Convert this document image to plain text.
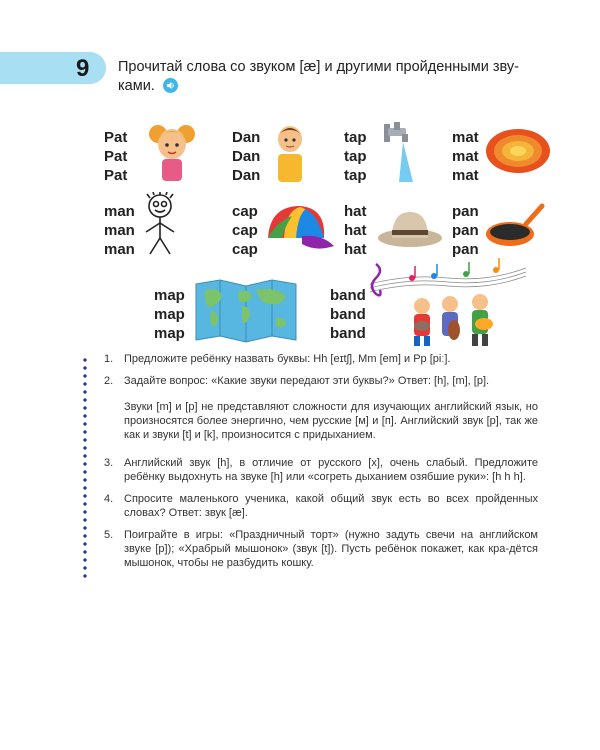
9 Прочитай слова со звуком [æ] и другими пройденными зву-
ками.
Pat
Pat
Pat
Dan
Dan
Dan
tap
tap
tap
mat
mat
mat
man
man
man
cap
cap
cap
hat
hat
hat
pan
pan
pan
map
map
map
band
band
band
1. Предложите ребёнку назвать буквы: Hh [eɪtʃ], Mm [em] и Pp [piː].

2. Задайте вопрос: «Какие звуки передают эти буквы?» Ответ: [h], [m], [p].

Звуки [m] и [p] не представляют сложности для изучающих английский язык, но произносятся более энергично, чем русские [м] и [п]. Английский звук [p], так же как и звуки [t] и [k], произносится с придыханием.
3. Английский звук [h], в отличие от русского [х], очень слабый. Предложите ребёнку выдохнуть на звуке [h] или «согреть дыханием озябшие руки»: [h h h].

4. Спросите маленького ученика, какой общий звук есть во всех пройденных словах? Ответ: звук [æ].

5. Поиграйте в игры: «Праздничный торт» (нужно задуть свечи на английском звуке [p]); «Храбрый мышонок» (звук [t]). Пусть ребёнок покажет, как кра-дётся мышонок, чтобы не разбудить кошку.
